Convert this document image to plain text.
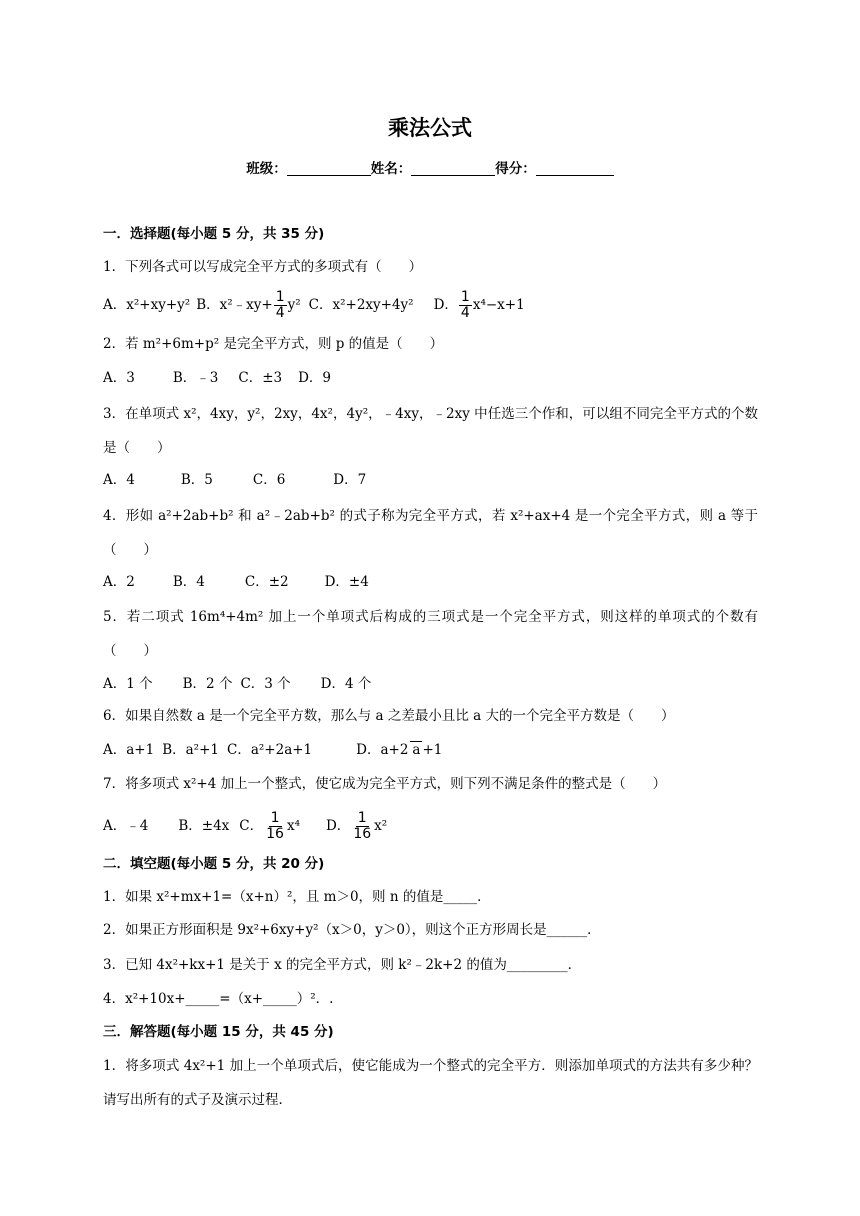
乘法公式
班级：	姓名：	得分：
一．选择题(每小题 5 分，共 35 分)
1．下列各式可以写成完全平方式的多项式有（　　）
A．x²+xy+y² B．x²﹣xy+ $\frac{1}{4} y^2$ C．x²+2xy+4y² D． $\frac{1}{4} x^4-x+1$
2．若 m²+6m+p² 是完全平方式，则 p 的值是（　　）
A．3	B．﹣3 C．±3 D．9
3．在单项式 x²，4xy，y²，2xy，4x²，4y²，﹣4xy，﹣2xy 中任选三个作和，可以组不同完全平方式的个数是（　　）
A．4	B．5	C．6	D．7
4．形如 a²+2ab+b² 和 a²﹣2ab+b² 的式子称为完全平方式，若 x²+ax+4 是一个完全平方式，则 a 等于（　　）
A．2	B．4	C．±2	D．±4
5．若二项式 16m⁴+4m² 加上一个单项式后构成的三项式是一个完全平方式，则这样的单项式的个数有（　　）
A．1 个 B．2 个 C．3 个 D．4 个
6．如果自然数 a 是一个完全平方数，那么与 a 之差最小且比 a 大的一个完全平方数是（　　）
A．a+1 B．a²+1 C．a²+2a+1	D．a+2 a +1
7．将多项式 x²+4 加上一个整式，使它成为完全平方式，则下列不满足条件的整式是（　　）
A．﹣4 B．±4x C． $\frac{1}{16} x^4$ D． $\frac{1}{16} x^2$
二．填空题(每小题 5 分，共 20 分)
1．如果 x²+mx+1=（x+n）²，且 m＞0，则 n 的值是_____．
2．如果正方形面积是 9x²+6xy+y²（x＞0，y＞0），则这个正方形周长是______．
3．已知 4x²+kx+1 是关于 x 的完全平方式，则 k²﹣2k+2 的值为_________．
4．x²+10x+_____=（x+_____）²．.
三．解答题(每小题 15 分，共 45 分)
1．将多项式 4x²+1 加上一个单项式后，使它能成为一个整式的完全平方．则添加单项式的方法共有多少种？请写出所有的式子及演示过程．
